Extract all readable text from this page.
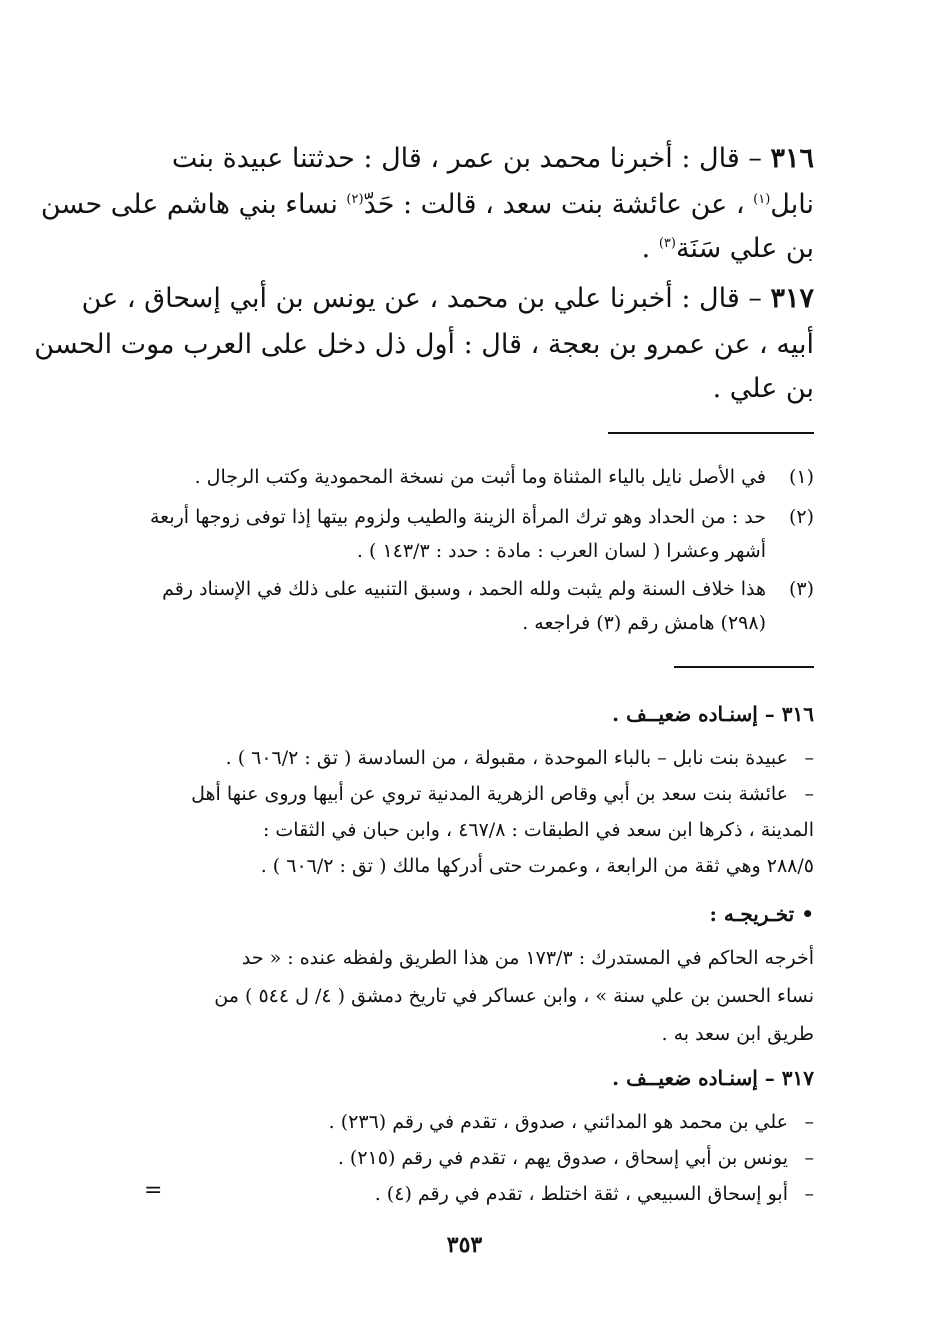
٣١٦ – قال : أخبرنا محمد بن عمر ، قال : حدثتنا عبيدة بنت
نابل$^{(١)}$ ، عن عائشة بنت سعد ، قالت : حَدّ$^{(٢)}$ نساء بني هاشم على حسن
بن علي سَنَة$^{(٣)}$ .
٣١٧ – قال : أخبرنا علي بن محمد ، عن يونس بن أبي إسحاق ، عن
أبيه ، عن عمرو بن بعجة ، قال : أول ذل دخل على العرب موت الحسن
بن علي .
(١)
في الأصل نايل بالياء المثناة وما أثبت من نسخة المحمودية وكتب الرجال .
(٢)
حد : من الحداد وهو ترك المرأة الزينة والطيب ولزوم بيتها إذا توفى زوجها أربعة
أشهر وعشرا ( لسان العرب : مادة : حدد : ١٤٣/٣ ) .
(٣)
هذا خلاف السنة ولم يثبت ولله الحمد ، وسبق التنبيه على ذلك في الإسناد رقم
(٢٩٨) هامش رقم (٣) فراجعه .
٣١٦ – إسنـاده ضعيــف .
–عبيدة بنت نابل – بالباء الموحدة ، مقبولة ، من السادسة ( تق : ٦٠٦/٢ ) .
–عائشة بنت سعد بن أبي وقاص الزهرية المدنية تروي عن أبيها وروى عنها أهل
المدينة ، ذكرها ابن سعد في الطبقات : ٤٦٧/٨ ، وابن حبان في الثقات :
٢٨٨/٥ وهي ثقة من الرابعة ، وعمرت حتى أدركها مالك ( تق : ٦٠٦/٢ ) .
• تخـريجـه :
أخرجه الحاكم في المستدرك : ١٧٣/٣ من هذا الطريق ولفظه عنده : « حد
نساء الحسن بن علي سنة » ، وابن عساكر في تاريخ دمشق ( ٤/ ل ٥٤٤ ) من
طريق ابن سعد به .
٣١٧ – إسنـاده ضعيــف .
–علي بن محمد هو المدائني ، صدوق ، تقدم في رقم (٢٣٦) .
–يونس بن أبي إسحاق ، صدوق يهم ، تقدم في رقم (٢١٥) .
–أبو إسحاق السبيعي ، ثقة اختلط ، تقدم في رقم (٤) .
=
٣٥٣
